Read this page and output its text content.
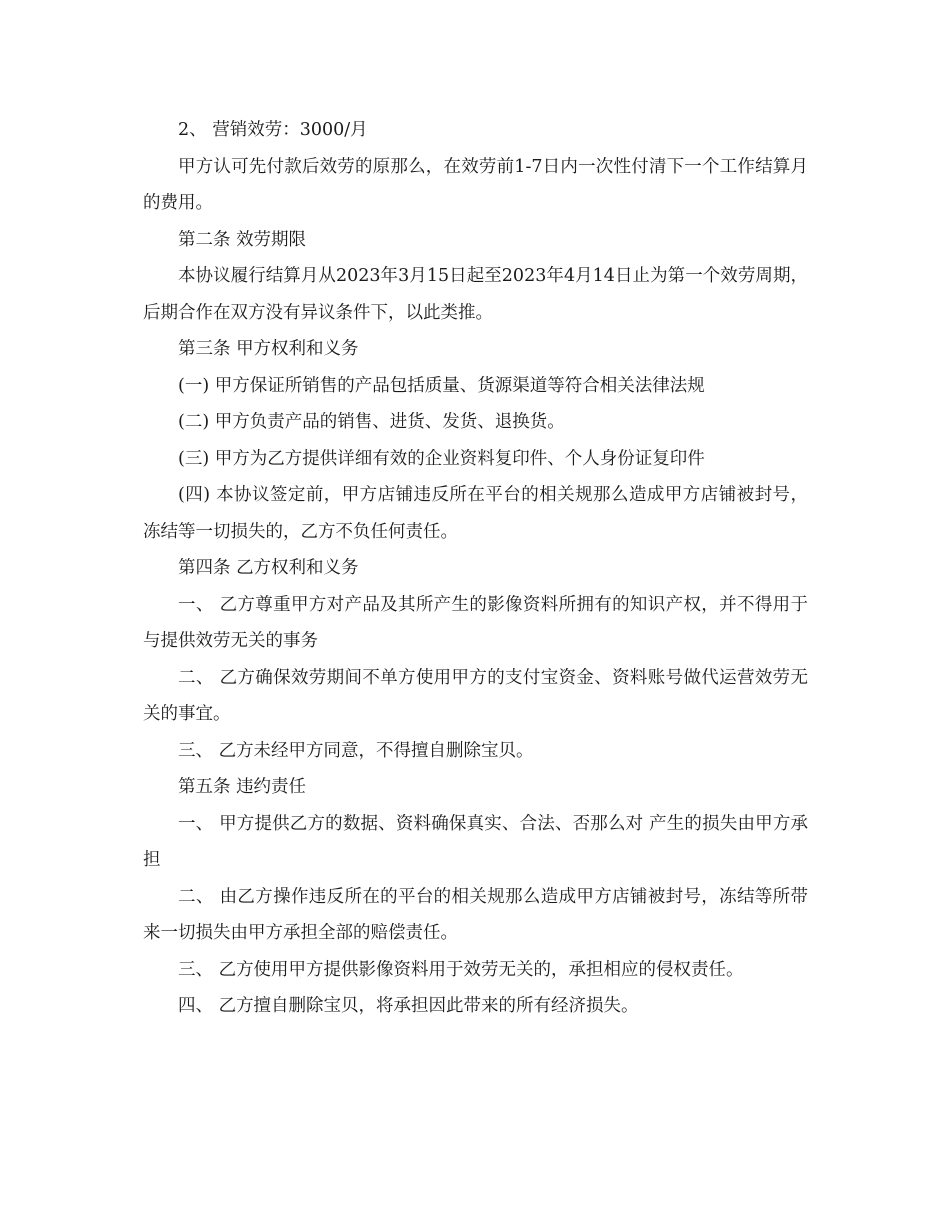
2、 营销效劳：3000/月

甲方认可先付款后效劳的原那么，在效劳前1-7日内一次性付清下一个工作结算月的费用。

第二条 效劳期限

本协议履行结算月从2023年3月15日起至2023年4月14日止为第一个效劳周期，后期合作在双方没有异议条件下，以此类推。

第三条 甲方权利和义务

(一) 甲方保证所销售的产品包括质量、货源渠道等符合相关法律法规

(二) 甲方负责产品的销售、进货、发货、退换货。

(三) 甲方为乙方提供详细有效的企业资料复印件、个人身份证复印件

(四) 本协议签定前，甲方店铺违反所在平台的相关规那么造成甲方店铺被封号，冻结等一切损失的，乙方不负任何责任。

第四条 乙方权利和义务

一、 乙方尊重甲方对产品及其所产生的影像资料所拥有的知识产权，并不得用于与提供效劳无关的事务

二、 乙方确保效劳期间不单方使用甲方的支付宝资金、资料账号做代运营效劳无关的事宜。

三、 乙方未经甲方同意，不得擅自删除宝贝。

第五条 违约责任

一、 甲方提供乙方的数据、资料确保真实、合法、否那么对 产生的损失由甲方承担

二、 由乙方操作违反所在的平台的相关规那么造成甲方店铺被封号，冻结等所带来一切损失由甲方承担全部的赔偿责任。

三、 乙方使用甲方提供影像资料用于效劳无关的，承担相应的侵权责任。

四、 乙方擅自删除宝贝，将承担因此带来的所有经济损失。
